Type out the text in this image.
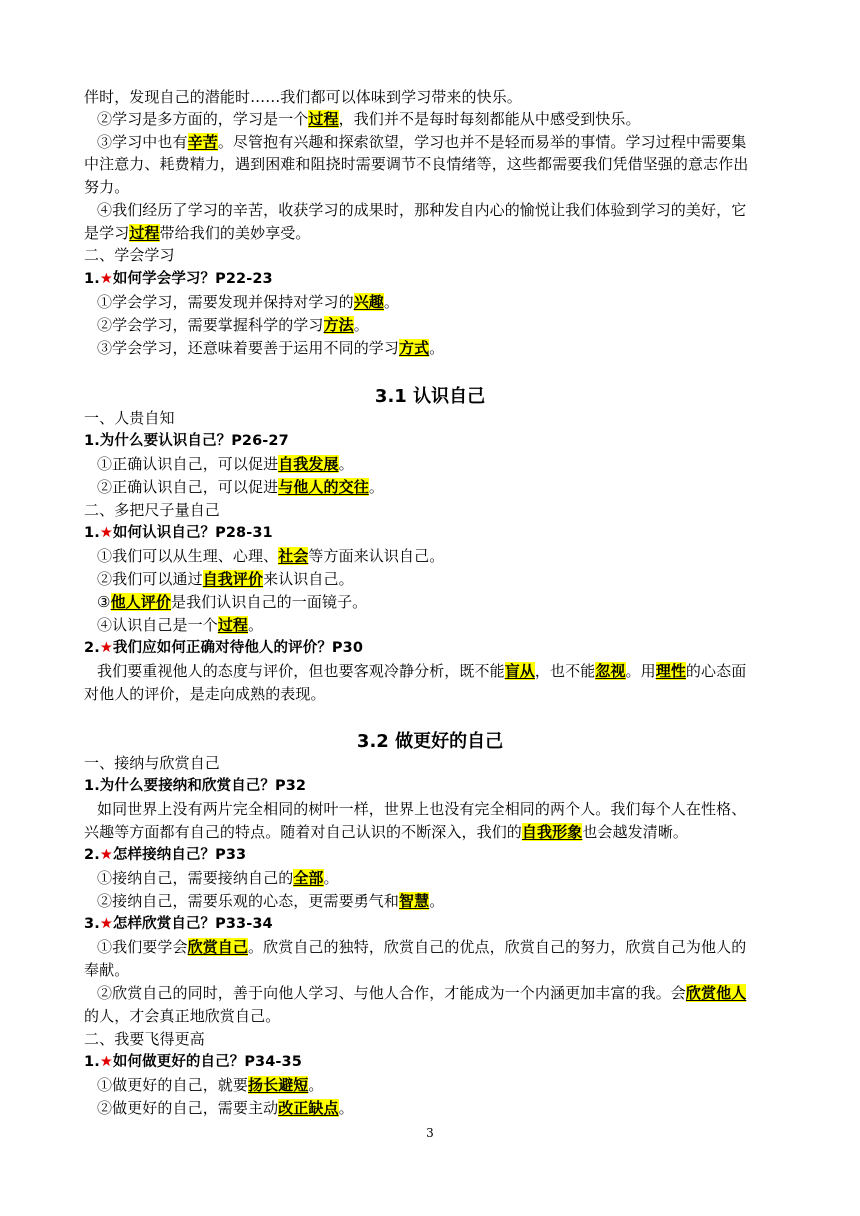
伴时，发现自己的潜能时……我们都可以体味到学习带来的快乐。
②学习是多方面的，学习是一个过程，我们并不是每时每刻都能从中感受到快乐。
③学习中也有辛苦。尽管抱有兴趣和探索欲望，学习也并不是轻而易举的事情。学习过程中需要集
中注意力、耗费精力，遇到困难和阻挠时需要调节不良情绪等，这些都需要我们凭借坚强的意志作出
努力。
④我们经历了学习的辛苦，收获学习的成果时，那种发自内心的愉悦让我们体验到学习的美好，它
是学习过程带给我们的美妙享受。
二、学会学习
1.★如何学会学习？P22-23
①学会学习，需要发现并保持对学习的兴趣。
②学会学习，需要掌握科学的学习方法。
③学会学习，还意味着要善于运用不同的学习方式。
3.1 认识自己
一、人贵自知
1.为什么要认识自己？P26-27
①正确认识自己，可以促进自我发展。
②正确认识自己，可以促进与他人的交往。
二、多把尺子量自己
1.★如何认识自己？P28-31
①我们可以从生理、心理、社会等方面来认识自己。
②我们可以通过自我评价来认识自己。
③他人评价是我们认识自己的一面镜子。
④认识自己是一个过程。
2.★我们应如何正确对待他人的评价？P30
我们要重视他人的态度与评价，但也要客观冷静分析，既不能盲从，也不能忽视。用理性的心态面
对他人的评价，是走向成熟的表现。
3.2 做更好的自己
一、接纳与欣赏自己
1.为什么要接纳和欣赏自己？P32
如同世界上没有两片完全相同的树叶一样，世界上也没有完全相同的两个人。我们每个人在性格、
兴趣等方面都有自己的特点。随着对自己认识的不断深入，我们的自我形象也会越发清晰。
2.★怎样接纳自己？P33
①接纳自己，需要接纳自己的全部。
②接纳自己，需要乐观的心态，更需要勇气和智慧。
3.★怎样欣赏自己？P33-34
①我们要学会欣赏自己。欣赏自己的独特，欣赏自己的优点，欣赏自己的努力，欣赏自己为他人的
奉献。
②欣赏自己的同时，善于向他人学习、与他人合作，才能成为一个内涵更加丰富的我。会欣赏他人
的人，才会真正地欣赏自己。
二、我要飞得更高
1.★如何做更好的自己？P34-35
①做更好的自己，就要扬长避短。
②做更好的自己，需要主动改正缺点。
3
